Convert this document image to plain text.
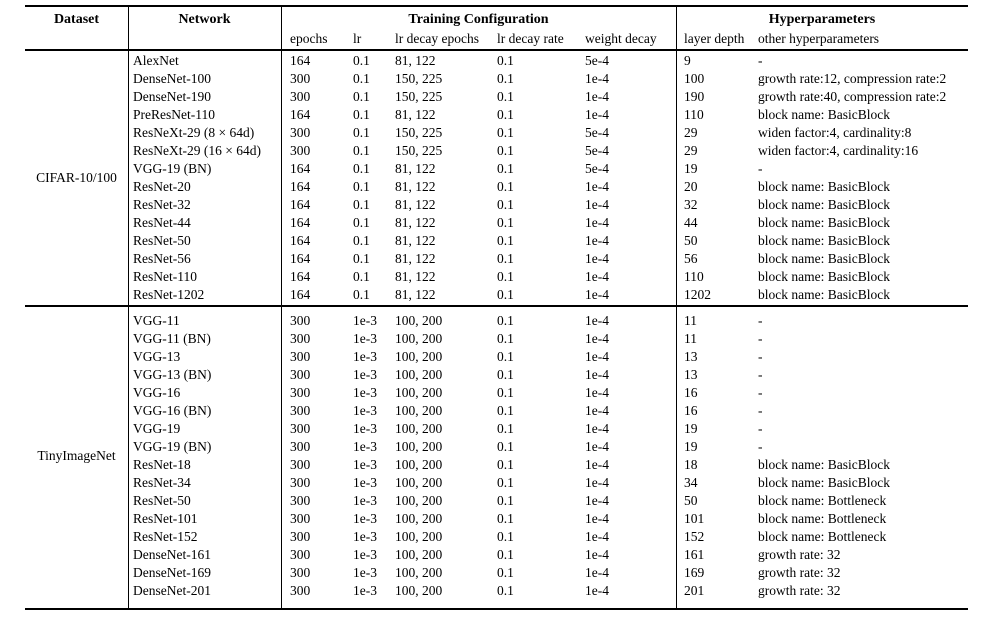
Dataset	Network	Training Configuration	Hyperparameters
epochs	lr	lr decay epochs	lr decay rate	weight decay	layer depth	other hyperparameters
CIFAR-10/100
AlexNet	164	0.1	81, 122	0.1	5e-4	9	-
DenseNet-100	300	0.1	150, 225	0.1	1e-4	100	growth rate:12, compression rate:2
DenseNet-190	300	0.1	150, 225	0.1	1e-4	190	growth rate:40, compression rate:2
PreResNet-110	164	0.1	81, 122	0.1	1e-4	110	block name: BasicBlock
ResNeXt-29 (8 × 64d)	300	0.1	150, 225	0.1	5e-4	29	widen factor:4, cardinality:8
ResNeXt-29 (16 × 64d)	300	0.1	150, 225	0.1	5e-4	29	widen factor:4, cardinality:16
VGG-19 (BN)	164	0.1	81, 122	0.1	5e-4	19	-
ResNet-20	164	0.1	81, 122	0.1	1e-4	20	block name: BasicBlock
ResNet-32	164	0.1	81, 122	0.1	1e-4	32	block name: BasicBlock
ResNet-44	164	0.1	81, 122	0.1	1e-4	44	block name: BasicBlock
ResNet-50	164	0.1	81, 122	0.1	1e-4	50	block name: BasicBlock
ResNet-56	164	0.1	81, 122	0.1	1e-4	56	block name: BasicBlock
ResNet-110	164	0.1	81, 122	0.1	1e-4	110	block name: BasicBlock
ResNet-1202	164	0.1	81, 122	0.1	1e-4	1202	block name: BasicBlock
TinyImageNet
VGG-11	300	1e-3	100, 200	0.1	1e-4	11	-
VGG-11 (BN)	300	1e-3	100, 200	0.1	1e-4	11	-
VGG-13	300	1e-3	100, 200	0.1	1e-4	13	-
VGG-13 (BN)	300	1e-3	100, 200	0.1	1e-4	13	-
VGG-16	300	1e-3	100, 200	0.1	1e-4	16	-
VGG-16 (BN)	300	1e-3	100, 200	0.1	1e-4	16	-
VGG-19	300	1e-3	100, 200	0.1	1e-4	19	-
VGG-19 (BN)	300	1e-3	100, 200	0.1	1e-4	19	-
ResNet-18	300	1e-3	100, 200	0.1	1e-4	18	block name: BasicBlock
ResNet-34	300	1e-3	100, 200	0.1	1e-4	34	block name: BasicBlock
ResNet-50	300	1e-3	100, 200	0.1	1e-4	50	block name: Bottleneck
ResNet-101	300	1e-3	100, 200	0.1	1e-4	101	block name: Bottleneck
ResNet-152	300	1e-3	100, 200	0.1	1e-4	152	block name: Bottleneck
DenseNet-161	300	1e-3	100, 200	0.1	1e-4	161	growth rate: 32
DenseNet-169	300	1e-3	100, 200	0.1	1e-4	169	growth rate: 32
DenseNet-201	300	1e-3	100, 200	0.1	1e-4	201	growth rate: 32
